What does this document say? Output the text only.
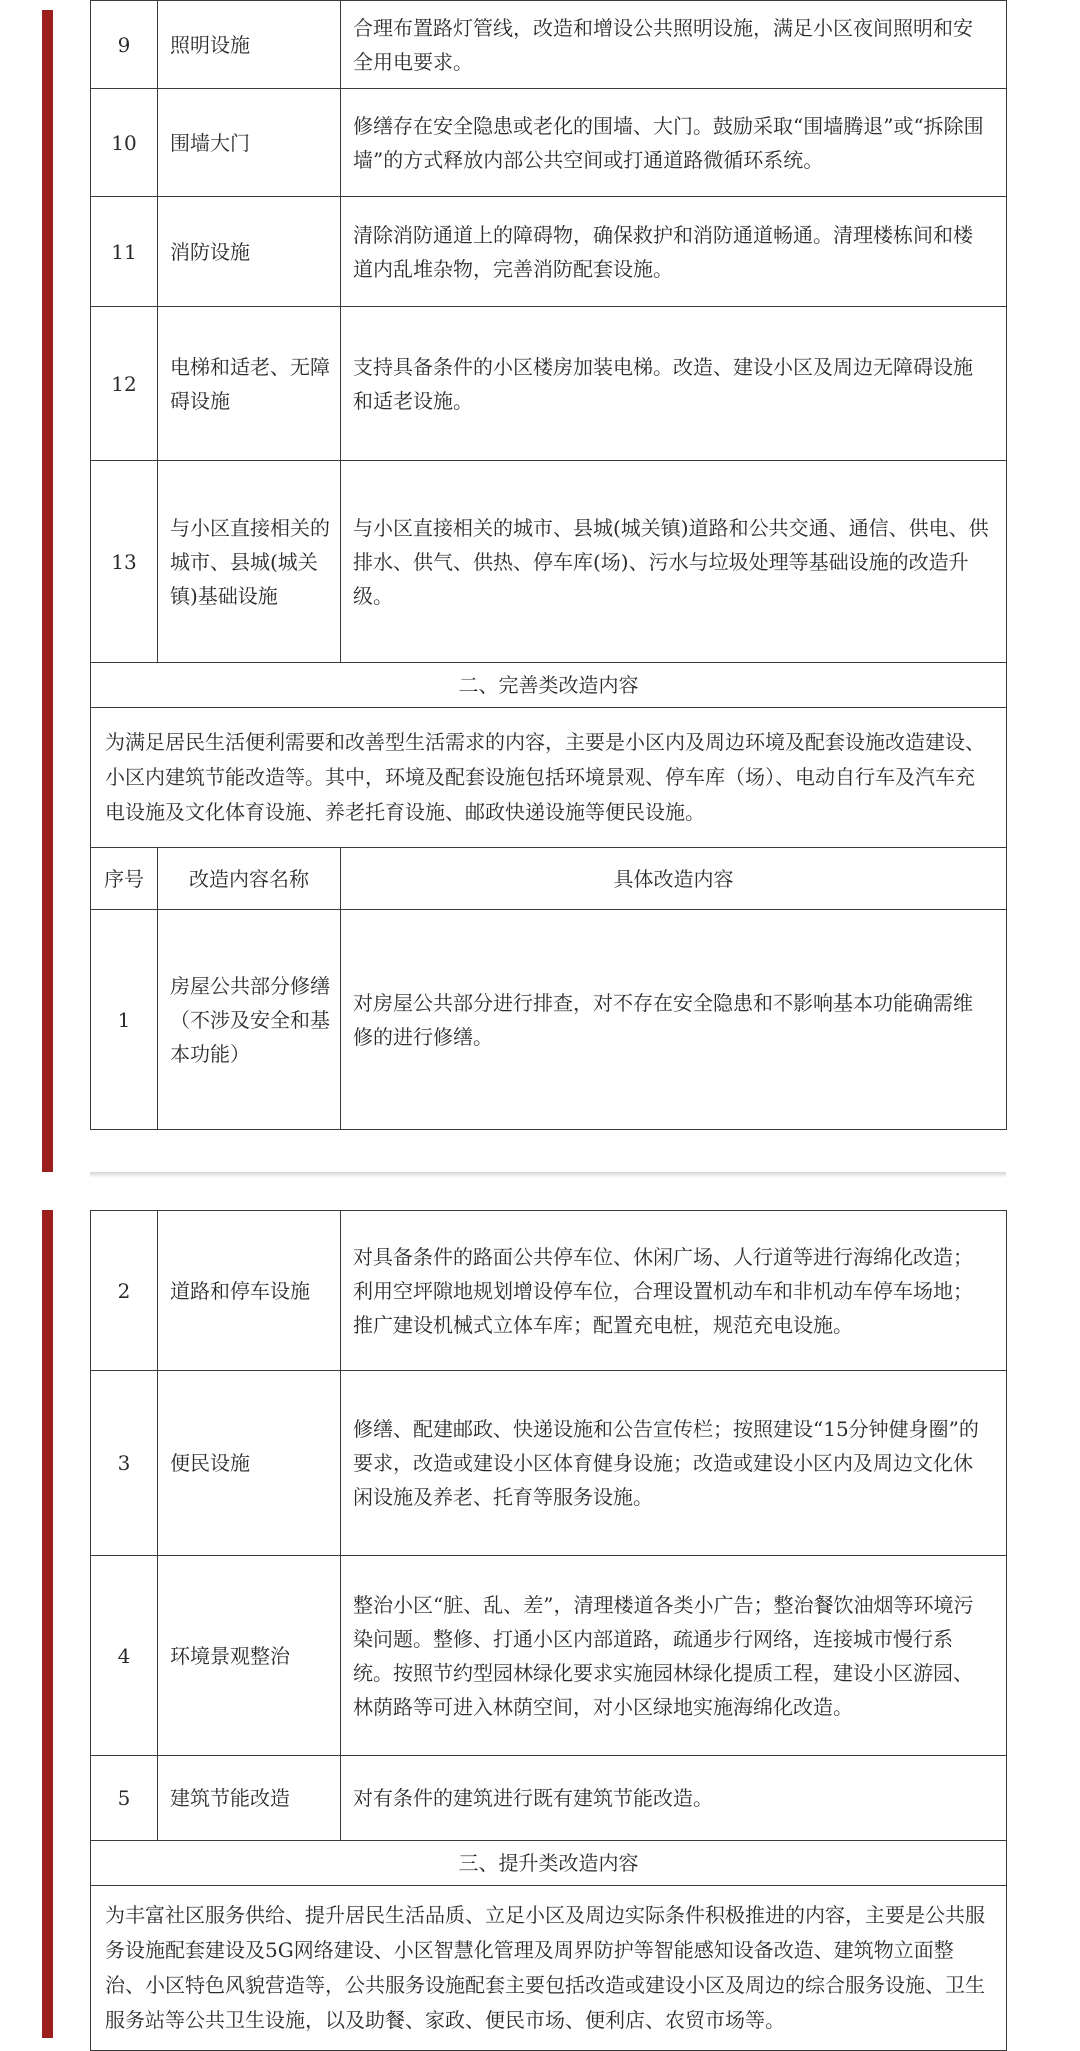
9	照明设施	合理布置路灯管线，改造和增设公共照明设施，满足小区夜间照明和安全用电要求。
10	围墙大门	修缮存在安全隐患或老化的围墙、大门。鼓励采取“围墙腾退”或“拆除围墙”的方式释放内部公共空间或打通道路微循环系统。
11	消防设施	清除消防通道上的障碍物，确保救护和消防通道畅通。清理楼栋间和楼道内乱堆杂物，完善消防配套设施。
12	电梯和适老、无障碍设施	支持具备条件的小区楼房加装电梯。改造、建设小区及周边无障碍设施和适老设施。
13	与小区直接相关的城市、县城(城关镇)基础设施	与小区直接相关的城市、县城(城关镇)道路和公共交通、通信、供电、供排水、供气、供热、停车库(场)、污水与垃圾处理等基础设施的改造升级。
二、完善类改造内容		
为满足居民生活便利需要和改善型生活需求的内容，主要是小区内及周边环境及配套设施改造建设、小区内建筑节能改造等。其中，环境及配套设施包括环境景观、停车库（场）、电动自行车及汽车充电设施及文化体育设施、养老托育设施、邮政快递设施等便民设施。		
序号	改造内容名称	具体改造内容
1	房屋公共部分修缮（不涉及安全和基本功能）	对房屋公共部分进行排查，对不存在安全隐患和不影响基本功能确需维修的进行修缮。
2	道路和停车设施	对具备条件的路面公共停车位、休闲广场、人行道等进行海绵化改造；利用空坪隙地规划增设停车位，合理设置机动车和非机动车停车场地；推广建设机械式立体车库；配置充电桩，规范充电设施。
3	便民设施	修缮、配建邮政、快递设施和公告宣传栏；按照建设“15分钟健身圈”的要求，改造或建设小区体育健身设施；改造或建设小区内及周边文化休闲设施及养老、托育等服务设施。
4	环境景观整治	整治小区“脏、乱、差”，清理楼道各类小广告；整治餐饮油烟等环境污染问题。整修、打通小区内部道路，疏通步行网络，连接城市慢行系统。按照节约型园林绿化要求实施园林绿化提质工程，建设小区游园、林荫路等可进入林荫空间，对小区绿地实施海绵化改造。
5	建筑节能改造	对有条件的建筑进行既有建筑节能改造。
三、提升类改造内容		
为丰富社区服务供给、提升居民生活品质、立足小区及周边实际条件积极推进的内容，主要是公共服务设施配套建设及5G网络建设、小区智慧化管理及周界防护等智能感知设备改造、建筑物立面整治、小区特色风貌营造等，公共服务设施配套主要包括改造或建设小区及周边的综合服务设施、卫生服务站等公共卫生设施，以及助餐、家政、便民市场、便利店、农贸市场等。		
